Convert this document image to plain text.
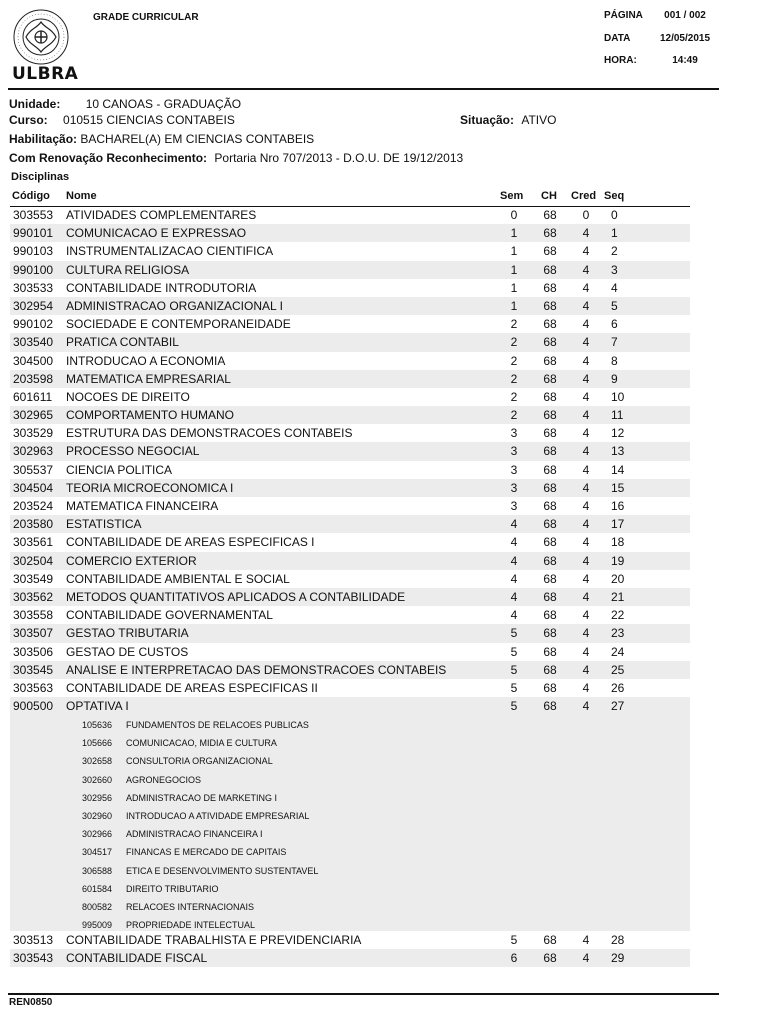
ULBRA
GRADE CURRICULAR	PÁGINA	001 / 002
DATA	12/05/2015
HORA:	14:49
Unidade: 10 CANOAS - GRADUAÇÃO
Curso: 010515 CIENCIAS CONTABEIS	Situação: ATIVO
Habilitação: BACHAREL(A) EM CIENCIAS CONTABEIS
Com Renovação Reconhecimento: Portaria Nro 707/2013 - D.O.U. DE 19/12/2013
Disciplinas
Código Nome	Sem CH Cred Seq
303553 ATIVIDADES COMPLEMENTARES	0	68 0 0
990101 COMUNICACAO E EXPRESSAO	1	68 4 1
990103 INSTRUMENTALIZACAO CIENTIFICA	1	68 4 2
990100 CULTURA RELIGIOSA	1	68 4 3
303533 CONTABILIDADE INTRODUTORIA	1	68 4 4
302954 ADMINISTRACAO ORGANIZACIONAL I	1	68 4 5
990102 SOCIEDADE E CONTEMPORANEIDADE	2	68 4 6
303540 PRATICA CONTABIL	2	68 4 7
304500 INTRODUCAO A ECONOMIA	2	68 4 8
203598 MATEMATICA EMPRESARIAL	2	68 4 9
601611 NOCOES DE DIREITO	2	68 4 10
302965 COMPORTAMENTO HUMANO	2	68 4 11
303529 ESTRUTURA DAS DEMONSTRACOES CONTABEIS	3	68 4 12
302963 PROCESSO NEGOCIAL	3	68 4 13
305537 CIENCIA POLITICA	3	68 4 14
304504 TEORIA MICROECONOMICA I	3	68 4 15
203524 MATEMATICA FINANCEIRA	3	68 4 16
203580 ESTATISTICA	4	68 4 17
303561 CONTABILIDADE DE AREAS ESPECIFICAS I	4	68 4 18
302504 COMERCIO EXTERIOR	4	68 4 19
303549 CONTABILIDADE AMBIENTAL E SOCIAL	4	68 4 20
303562 METODOS QUANTITATIVOS APLICADOS A CONTABILIDADE	4	68 4 21
303558 CONTABILIDADE GOVERNAMENTAL	4	68 4 22
303507 GESTAO TRIBUTARIA	5	68 4 23
303506 GESTAO DE CUSTOS	5	68 4 24
303545 ANALISE E INTERPRETACAO DAS DEMONSTRACOES CONTABEIS	5	68 4 25
303563 CONTABILIDADE DE AREAS ESPECIFICAS II	5	68 4 26
900500 OPTATIVA I	5	68 4 27
105636 FUNDAMENTOS DE RELACOES PUBLICAS
105666 COMUNICACAO, MIDIA E CULTURA
302658 CONSULTORIA ORGANIZACIONAL
302660 AGRONEGOCIOS
302956 ADMINISTRACAO DE MARKETING I
302960 INTRODUCAO A ATIVIDADE EMPRESARIAL
302966 ADMINISTRACAO FINANCEIRA I
304517 FINANCAS E MERCADO DE CAPITAIS
306588 ETICA E DESENVOLVIMENTO SUSTENTAVEL
601584 DIREITO TRIBUTARIO
800582 RELACOES INTERNACIONAIS
995009 PROPRIEDADE INTELECTUAL
303513 CONTABILIDADE TRABALHISTA E PREVIDENCIARIA	5	68 4 28
303543 CONTABILIDADE FISCAL	6	68 4 29
REN0850
